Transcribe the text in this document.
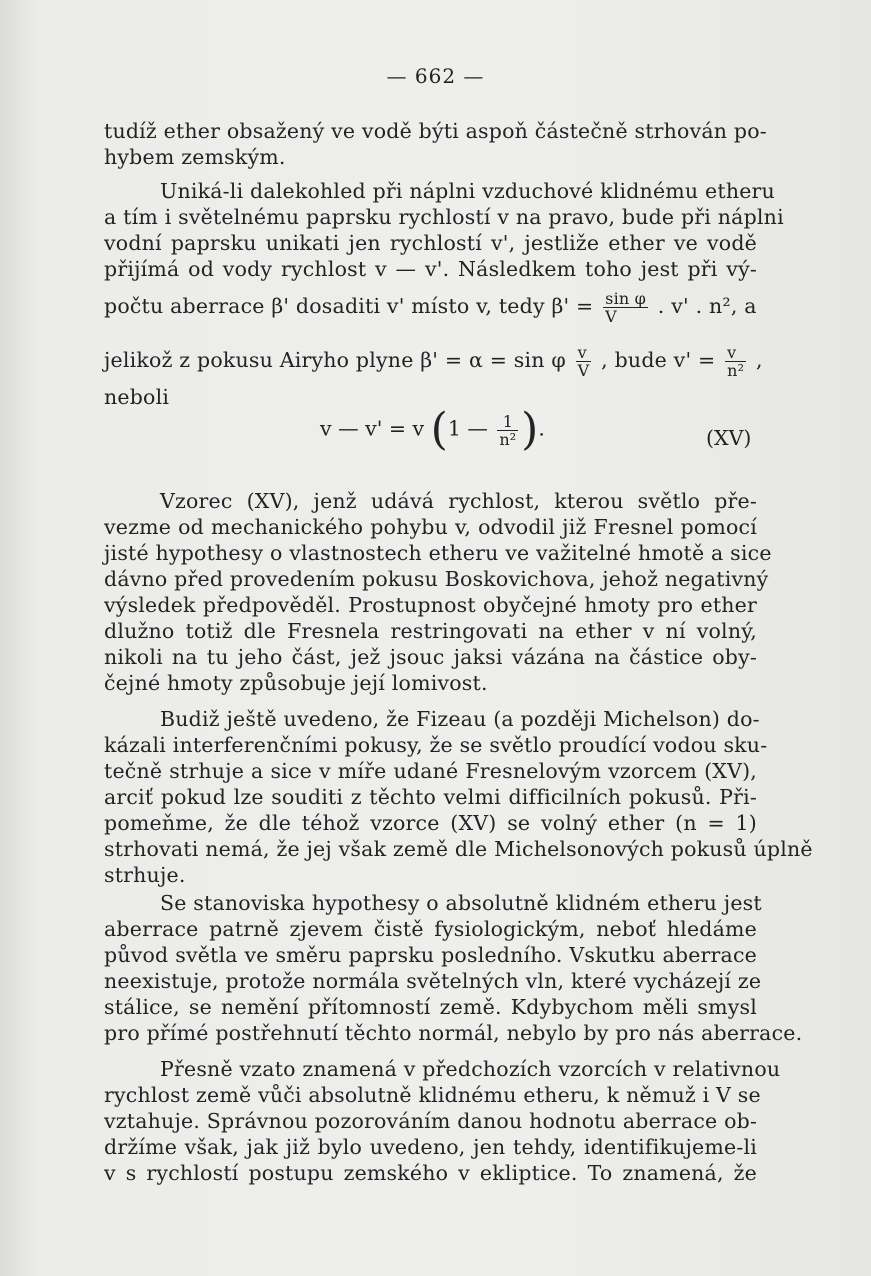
— 662 —
tudíž ether obsažený ve vodě býti aspoň částečně strhován po-
hybem zemským.
Uniká-li dalekohled při náplni vzduchové klidnému etheru
a tím i světelnému paprsku rychlostí v na pravo, bude při náplni
vodní paprsku unikati jen rychlostí v', jestliže ether ve vodě
přijímá od vody rychlost v — v'. Následkem toho jest při vý-
počtu aberrace β' dosaditi v' místo v, tedy $\beta' = \frac{\text{sin φ}}{V}$ . v' . n², a
jelikož z pokusu Airyho plyne β' = α = sin φ $\frac{v}{V}$ , bude $v' = \frac{v}{\text{n²}}$ ,
neboli
v — v' = v (1 — $\frac{1}{\text{n²}}$ ).	(XV)
Vzorec (XV), jenž udává rychlost, kterou světlo pře-
vezme od mechanického pohybu v, odvodil již Fresnel pomocí
jisté hypothesy o vlastnostech etheru ve važitelné hmotě a sice
dávno před provedením pokusu Boskovichova, jehož negativný
výsledek předpověděl. Prostupnost obyčejné hmoty pro ether
dlužno totiž dle Fresnela restringovati na ether v ní volný,
nikoli na tu jeho část, jež jsouc jaksi vázána na částice oby-
čejné hmoty způsobuje její lomivost.
Budiž ještě uvedeno, že Fizeau (a později Michelson) do-
kázali interferenčními pokusy, že se světlo proudící vodou sku-
tečně strhuje a sice v míře udané Fresnelovým vzorcem (XV),
arciť pokud lze souditi z těchto velmi difficilních pokusů. Při-
pomeňme, že dle téhož vzorce (XV) se volný ether (n = 1)
strhovati nemá, že jej však země dle Michelsonových pokusů úplně
strhuje.
Se stanoviska hypothesy o absolutně klidném etheru jest
aberrace patrně zjevem čistě fysiologickým, neboť hledáme
původ světla ve směru paprsku posledního. Vskutku aberrace
neexistuje, protože normála světelných vln, které vycházejí ze
stálice, se nemění přítomností země. Kdybychom měli smysl
pro přímé postřehnutí těchto normál, nebylo by pro nás aberrace.
Přesně vzato znamená v předchozích vzorcích v relativnou
rychlost země vůči absolutně klidnému etheru, k němuž i V se
vztahuje. Správnou pozorováním danou hodnotu aberrace ob-
držíme však, jak již bylo uvedeno, jen tehdy, identifikujeme-li
v s rychlostí postupu zemského v ekliptice. To znamená, že
